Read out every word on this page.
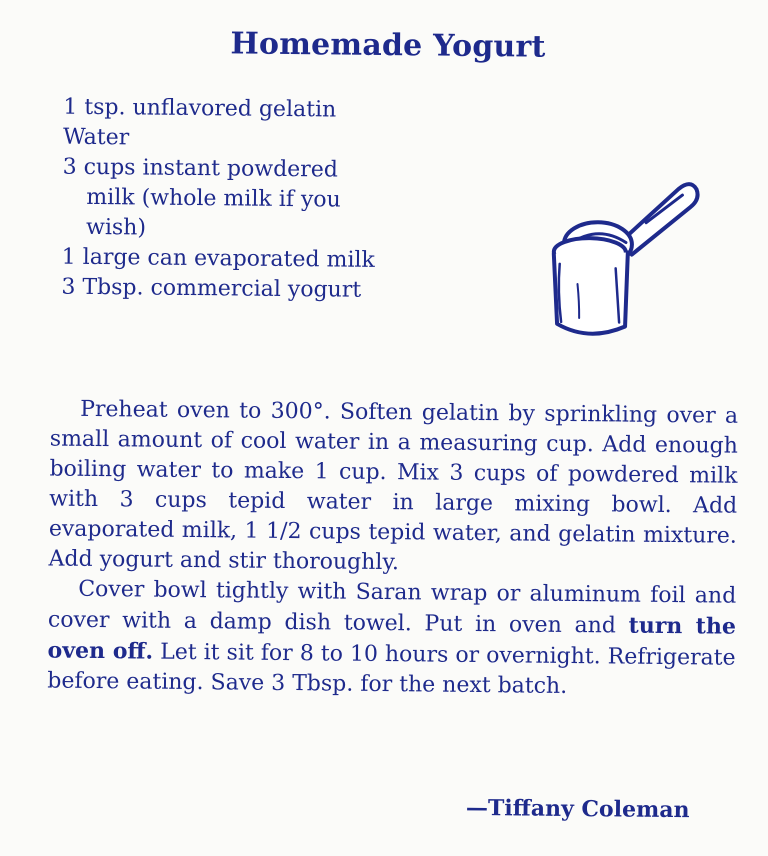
Homemade Yogurt
1 tsp. unflavored gelatin
Water
3 cups instant powdered milk (whole milk if you wish)
1 large can evaporated milk
3 Tbsp. commercial yogurt

Preheat oven to 300°. Soften gelatin by sprinkling over a small amount of cool water in a measuring cup. Add enough boiling water to make 1 cup. Mix 3 cups of powdered milk with 3 cups tepid water in large mixing bowl. Add evaporated milk, 1 1/2 cups tepid water, and gelatin mixture. Add yogurt and stir thoroughly.

Cover bowl tightly with Saran wrap or aluminum foil and cover with a damp dish towel. Put in oven and turn the oven off. Let it sit for 8 to 10 hours or overnight. Refrigerate before eating. Save 3 Tbsp. for the next batch.

—Tiffany Coleman
